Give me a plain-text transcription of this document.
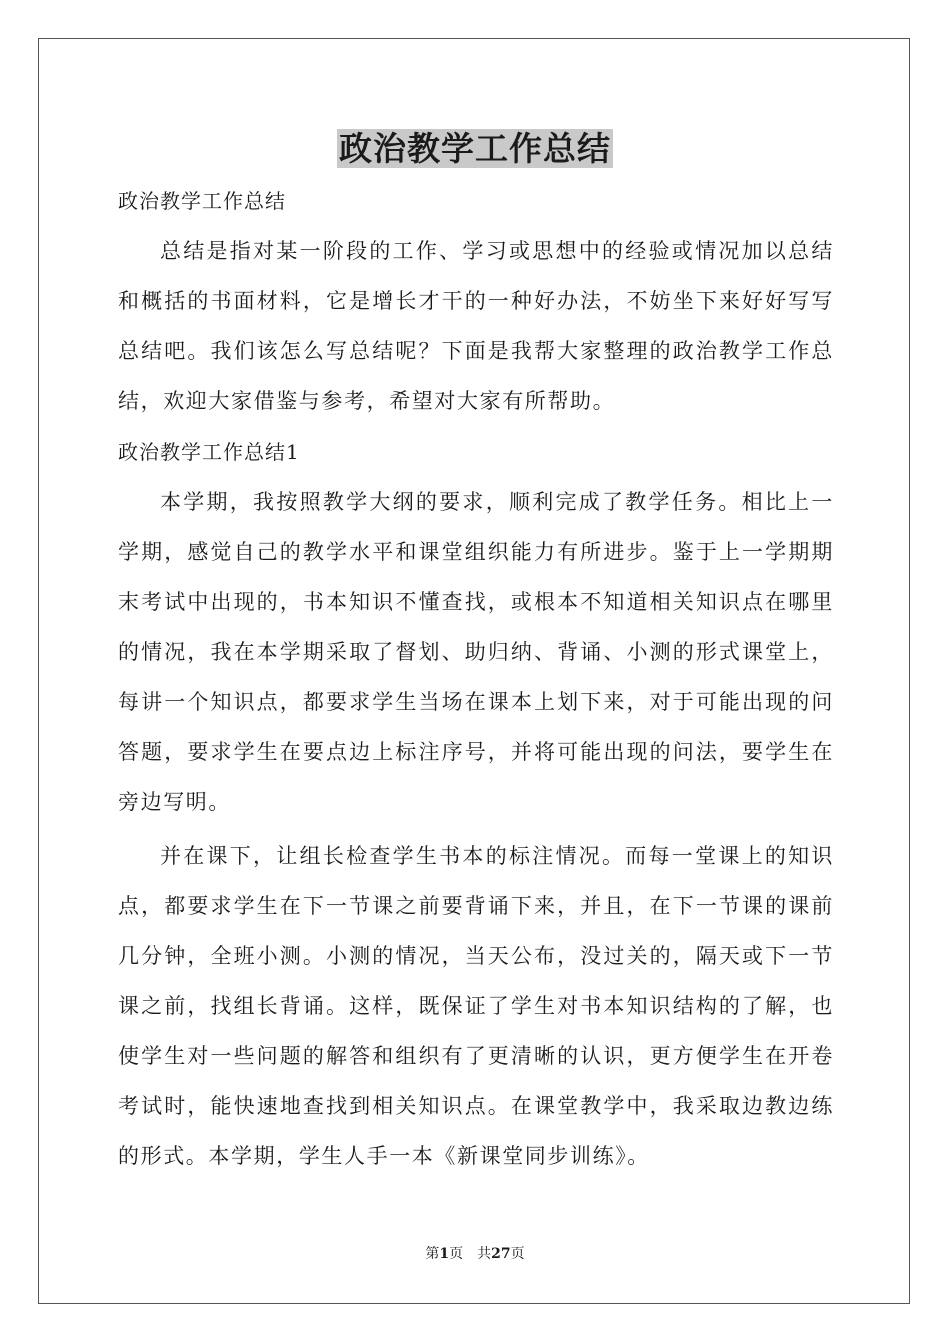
政治教学工作总结

政治教学工作总结

总结是指对某一阶段的工作、学习或思想中的经验或情况加以总结和概括的书面材料，它是增长才干的一种好办法，不妨坐下来好好写写总结吧。我们该怎么写总结呢？下面是我帮大家整理的政治教学工作总结，欢迎大家借鉴与参考，希望对大家有所帮助。

政治教学工作总结1

本学期，我按照教学大纲的要求，顺利完成了教学任务。相比上一学期，感觉自己的教学水平和课堂组织能力有所进步。鉴于上一学期期末考试中出现的，书本知识不懂查找，或根本不知道相关知识点在哪里的情况，我在本学期采取了督划、助归纳、背诵、小测的形式课堂上，每讲一个知识点，都要求学生当场在课本上划下来，对于可能出现的问答题，要求学生在要点边上标注序号，并将可能出现的问法，要学生在旁边写明。

并在课下，让组长检查学生书本的标注情况。而每一堂课上的知识点，都要求学生在下一节课之前要背诵下来，并且，在下一节课的课前几分钟，全班小测。小测的情况，当天公布，没过关的，隔天或下一节课之前，找组长背诵。这样，既保证了学生对书本知识结构的了解，也使学生对一些问题的解答和组织有了更清晰的认识，更方便学生在开卷考试时，能快速地查找到相关知识点。在课堂教学中，我采取边教边练的形式。本学期，学生人手一本《新课堂同步训练》。

第1页　共27页
